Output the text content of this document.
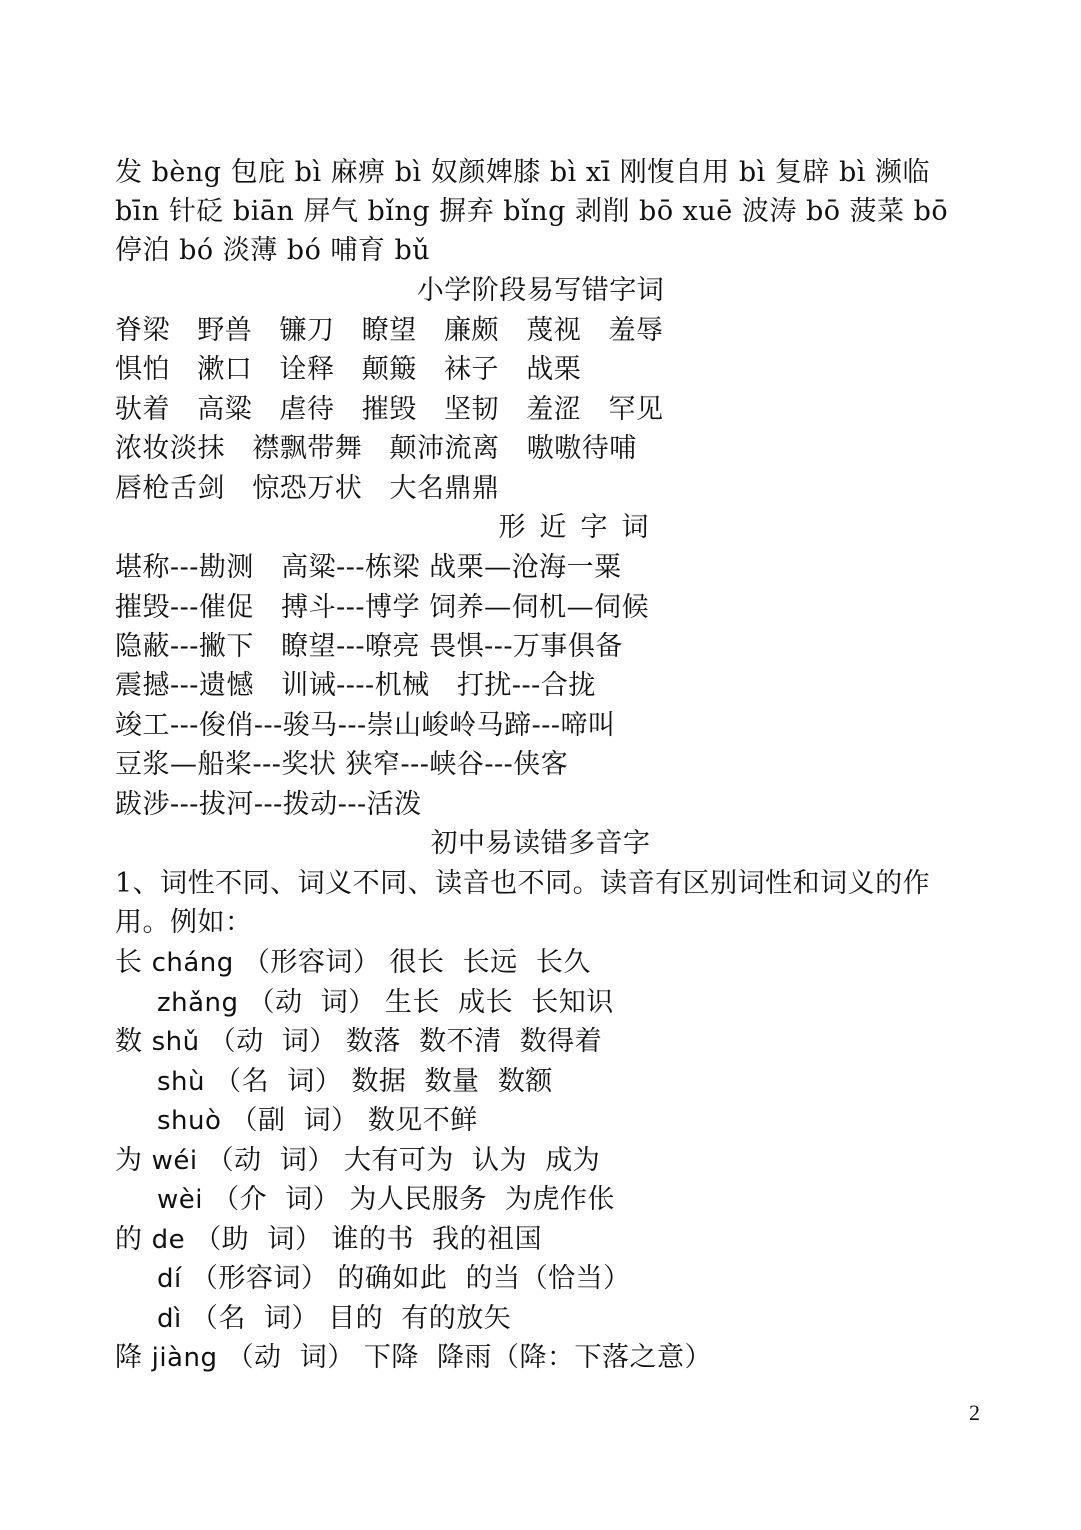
发 bèng 包庇 bì 麻痹 bì 奴颜婢膝 bì xī 刚愎自用 bì 复辟 bì 濒临
bīn 针砭 biān 屏气 bǐng 摒弃 bǐng 剥削 bō xuē 波涛 bō 菠菜 bō
停泊 bó 淡薄 bó 哺育 bǔ
小学阶段易写错字词
脊梁   野兽   镰刀   瞭望   廉颇   蔑视   羞辱
惧怕   漱口   诠释   颠簸   袜子   战栗
驮着   高粱   虐待   摧毁   坚韧   羞涩   罕见
浓妆淡抹   襟飘带舞   颠沛流离   嗷嗷待哺
唇枪舌剑   惊恐万状   大名鼎鼎
形近字词
堪称---勘测   高粱---栋梁 战栗—沧海一粟
摧毁---催促   搏斗---博学 饲养—伺机—伺候
隐蔽---撇下   瞭望---嘹亮 畏惧---万事俱备
震撼---遗憾   训诫----机械   打扰---合拢
竣工---俊俏---骏马---崇山峻岭马蹄---啼叫
豆浆—船桨---奖状 狭窄---峡谷---侠客
跋涉---拔河---拨动---活泼
初中易读错多音字
1、词性不同、词义不同、读音也不同。读音有区别词性和词义的作
用。例如：
长 cháng （形容词） 很长  长远  长久
zhǎng （动  词） 生长  成长  长知识
数 shǔ （动  词） 数落  数不清  数得着
shù （名  词） 数据  数量  数额
shuò （副  词） 数见不鲜
为 wéi （动  词） 大有可为  认为  成为
wèi （介  词） 为人民服务  为虎作伥
的 de （助  词） 谁的书  我的祖国
dí （形容词） 的确如此  的当（恰当）
dì （名  词） 目的  有的放矢
降 jiàng （动  词） 下降  降雨（降：下落之意）
2
